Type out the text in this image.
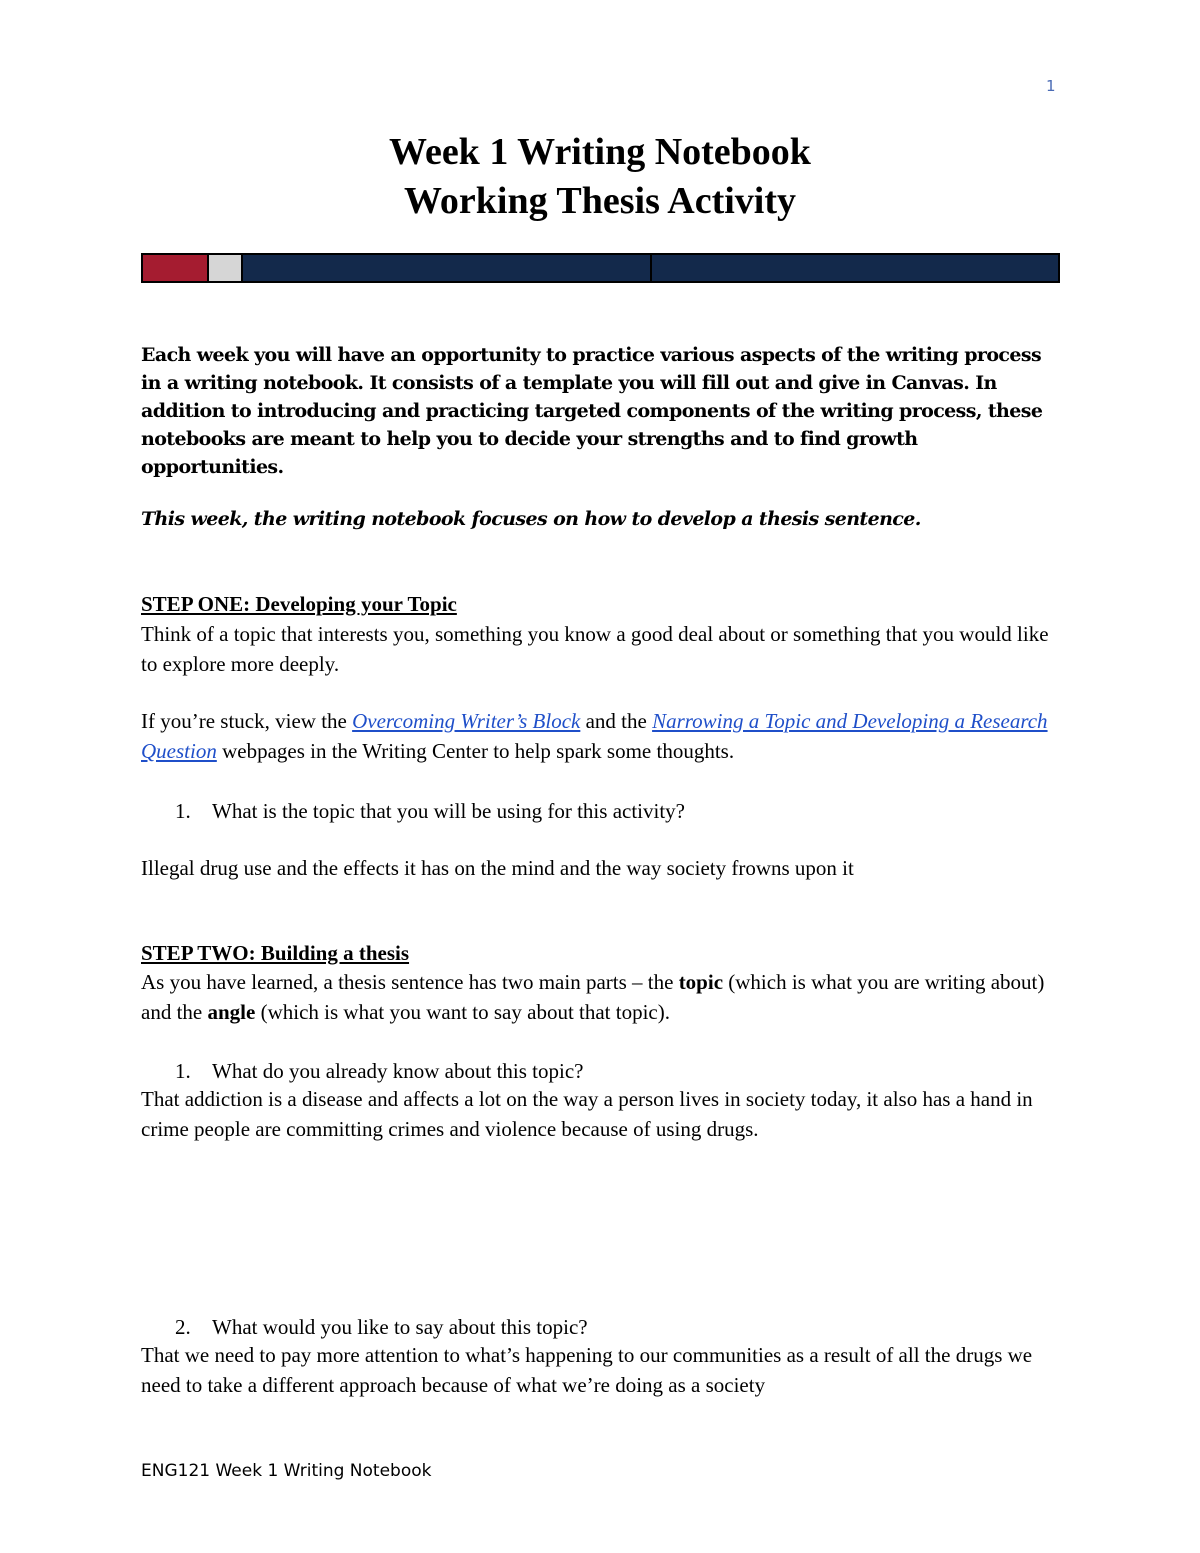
1
Week 1 Writing Notebook
Working Thesis Activity

Each week you will have an opportunity to practice various aspects of the writing process in a writing notebook. It consists of a template you will fill out and give in Canvas. In addition to introducing and practicing targeted components of the writing process, these notebooks are meant to help you to decide your strengths and to find growth opportunities.

This week, the writing notebook focuses on how to develop a thesis sentence.

STEP ONE: Developing your Topic

Think of a topic that interests you, something you know a good deal about or something that you would like to explore more deeply.

If you’re stuck, view the Overcoming Writer’s Block and the Narrowing a Topic and Developing a Research Question webpages in the Writing Center to help spark some thoughts.

1. What is the topic that you will be using for this activity?

Illegal drug use and the effects it has on the mind and the way society frowns upon it

STEP TWO: Building a thesis

As you have learned, a thesis sentence has two main parts – the topic (which is what you are writing about) and the angle (which is what you want to say about that topic).

1. What do you already know about this topic?

That addiction is a disease and affects a lot on the way a person lives in society today, it also has a hand in crime people are committing crimes and violence because of using drugs.

2. What would you like to say about this topic?

That we need to pay more attention to what’s happening to our communities as a result of all the drugs we need to take a different approach because of what we’re doing as a society

ENG121 Week 1 Writing Notebook
